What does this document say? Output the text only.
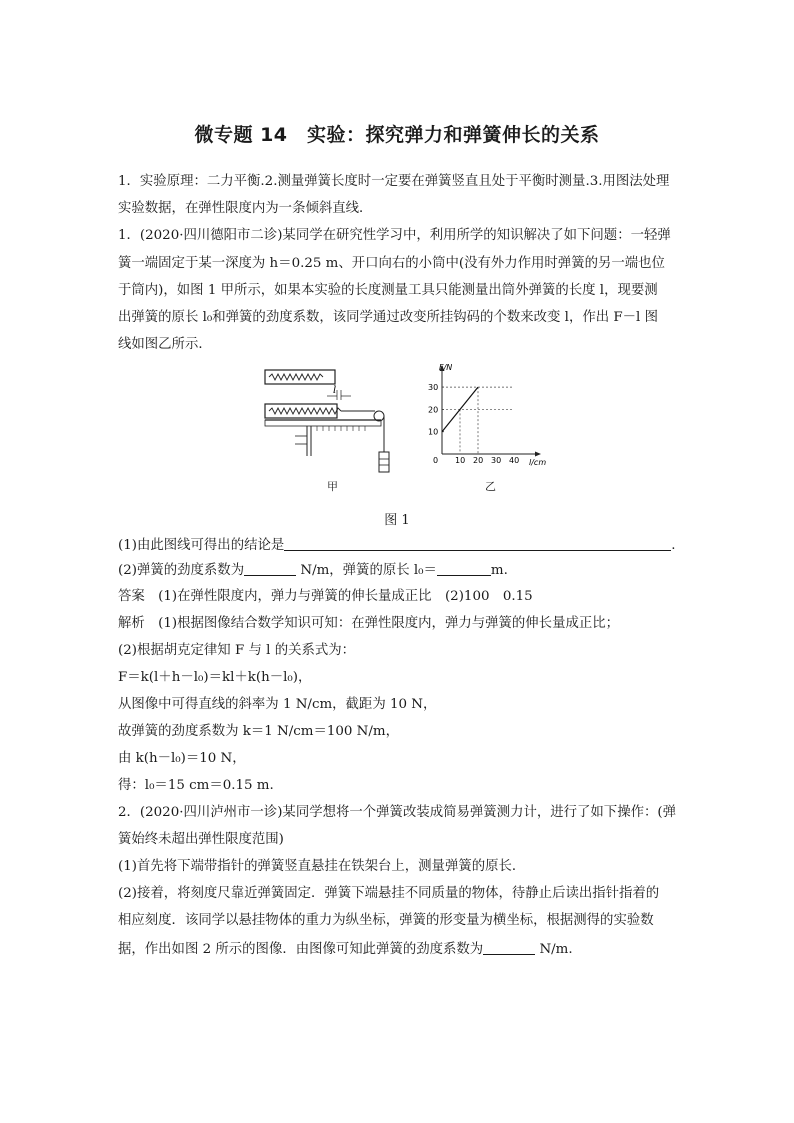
微专题 14　实验：探究弹力和弹簧伸长的关系
1．实验原理：二力平衡.2.测量弹簧长度时一定要在弹簧竖直且处于平衡时测量.3.用图法处理
实验数据，在弹性限度内为一条倾斜直线．
1．(2020·四川德阳市二诊)某同学在研究性学习中，利用所学的知识解决了如下问题：一轻弹
簧一端固定于某一深度为 h＝0.25 m、开口向右的小筒中(没有外力作用时弹簧的另一端也位
于筒内)，如图 1 甲所示，如果本实验的长度测量工具只能测量出筒外弹簧的长度 l，现要测
出弹簧的原长 l₀和弹簧的劲度系数，该同学通过改变所挂钩码的个数来改变 l，作出 F－l 图
线如图乙所示．
l
F/N
l/cm
0 10 20 30 40
10
20
30
甲	乙
图 1
(1)由此图线可得出的结论是	.
(2)弹簧的劲度系数为	N/m，弹簧的原长 l₀＝	m.
答案　(1)在弹性限度内，弹力与弹簧的伸长量成正比　(2)100　0.15
解析　(1)根据图像结合数学知识可知：在弹性限度内，弹力与弹簧的伸长量成正比；
(2)根据胡克定律知 F 与 l 的关系式为：
F＝k(l＋h－l₀)＝kl＋k(h－l₀)，
从图像中可得直线的斜率为 1 N/cm，截距为 10 N，
故弹簧的劲度系数为 k＝1 N/cm＝100 N/m，
由 k(h－l₀)＝10 N，
得：l₀＝15 cm＝0.15 m.
2．(2020·四川泸州市一诊)某同学想将一个弹簧改装成简易弹簧测力计，进行了如下操作：(弹
簧始终未超出弹性限度范围)
(1)首先将下端带指针的弹簧竖直悬挂在铁架台上，测量弹簧的原长．
(2)接着，将刻度尺靠近弹簧固定．弹簧下端悬挂不同质量的物体，待静止后读出指针指着的
相应刻度．该同学以悬挂物体的重力为纵坐标，弹簧的形变量为横坐标，根据测得的实验数
据，作出如图 2 所示的图像．由图像可知此弹簧的劲度系数为	N/m.
